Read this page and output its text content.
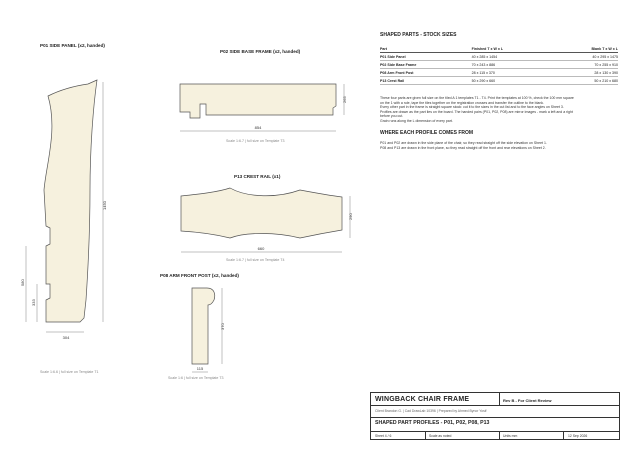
P01 SIDE PANEL (x2, handed)
1450
580
333
304
265
854
290
660
370
115
Scale 1:6.6 | full size on Template T1
P02 SIDE BASE FRAME (x2, handed)
Scale 1:6.7 | full size on Template T3
P13 CREST RAIL (x1)
Scale 1:6.7 | full size on Template T4
P08 ARM FRONT POST (x2, handed)
Scale 1:6 | full size on Template T3
SHAPED PARTS - STOCK SIZES
Part	Finished T x W x L	Blank T x W x L
P01 Side Panel	40 x 285 x 1454	40 x 295 x 1475
P02 Side Base Frame	70 x 243 x 886	70 x 255 x 910
P08 Arm Front Post	28 x 115 x 370	28 x 130 x 390
P13 Crest Rail	50 x 290 x 660	50 x 210 x 680
These four parts are given full size on the tiled A 1 templates T1 - T4. Print the templates at 100 %, check the 100 mm square
on the 1 with a rule, tape the tiles together on the registration crosses and transfer the outline to the blank.
Every other part in the frame is straight square stock: cut it to the sizes in the cut list and to the face angles on Sheet 3.
Profiles are drawn as the part lies on the board. The handed pairs (P01, P02, P08) are mirror images - mark a left and a right
before you cut.
Grain runs along the L dimension of every part.
WHERE EACH PROFILE COMES FROM
P01 and P02 are drawn in the side plane of the chair, so they read straight off the side elevation on Sheet 1.
P08 and P13 are drawn in the front plane, so they read straight off the front and rear elevations on Sheet 2.
WINGBACK CHAIR FRAME	Rev B - For Client Review
Client Brandon G. | Cad DrawLab 10396 | Prepared by Ahmed Bynor Yosif
SHAPED PART PROFILES - P01, P02, P08, P13
Sheet 4 / 6	Scale as noted	Units mm	12 Sep 2026
